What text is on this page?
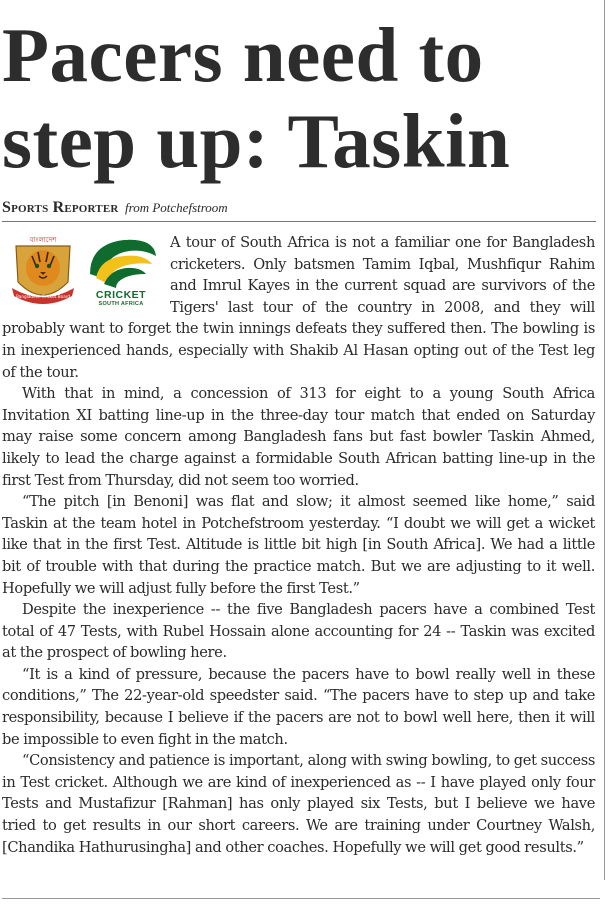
Pacers need to
step up: Taskin
Sports Reporter from Potchefstroom
Bangladesh Cricket Board
বাংলাদেশ
CRICKET
SOUTH AFRICA

A tour of South Africa is not a familiar one for Bangladesh cricketers. Only batsmen Tamim Iqbal, Mushfiqur Rahim and Imrul Kayes in the current squad are survivors of the Tigers' last tour of the country in 2008, and they will probably want to forget the twin innings defeats they suffered then. The bowling is in inexperienced hands, especially with Shakib Al Hasan opting out of the Test leg of the tour.

With that in mind, a concession of 313 for eight to a young South Africa Invitation XI batting line-up in the three-day tour match that ended on Saturday may raise some concern among Bangladesh fans but fast bowler Taskin Ahmed, likely to lead the charge against a formidable South African batting line-up in the first Test from Thursday, did not seem too worried.

“The pitch [in Benoni] was flat and slow; it almost seemed like home,” said Taskin at the team hotel in Potchefstroom yesterday. “I doubt we will get a wicket like that in the first Test. Altitude is little bit high [in South Africa]. We had a little bit of trouble with that during the practice match. But we are adjusting to it well. Hopefully we will adjust fully before the first Test.”

Despite the inexperience -- the five Bangladesh pacers have a combined Test total of 47 Tests, with Rubel Hossain alone accounting for 24 -- Taskin was excited at the prospect of bowling here.

“It is a kind of pressure, because the pacers have to bowl really well in these conditions,” The 22-year-old speedster said. “The pacers have to step up and take responsibility, because I believe if the pacers are not to bowl well here, then it will be impossible to even fight in the match.

“Consistency and patience is important, along with swing bowling, to get success in Test cricket. Although we are kind of inexperienced as -- I have played only four Tests and Mustafizur [Rahman] has only played six Tests, but I believe we have tried to get results in our short careers. We are training under Courtney Walsh, [Chandika Hathurusingha] and other coaches. Hopefully we will get good results.”
